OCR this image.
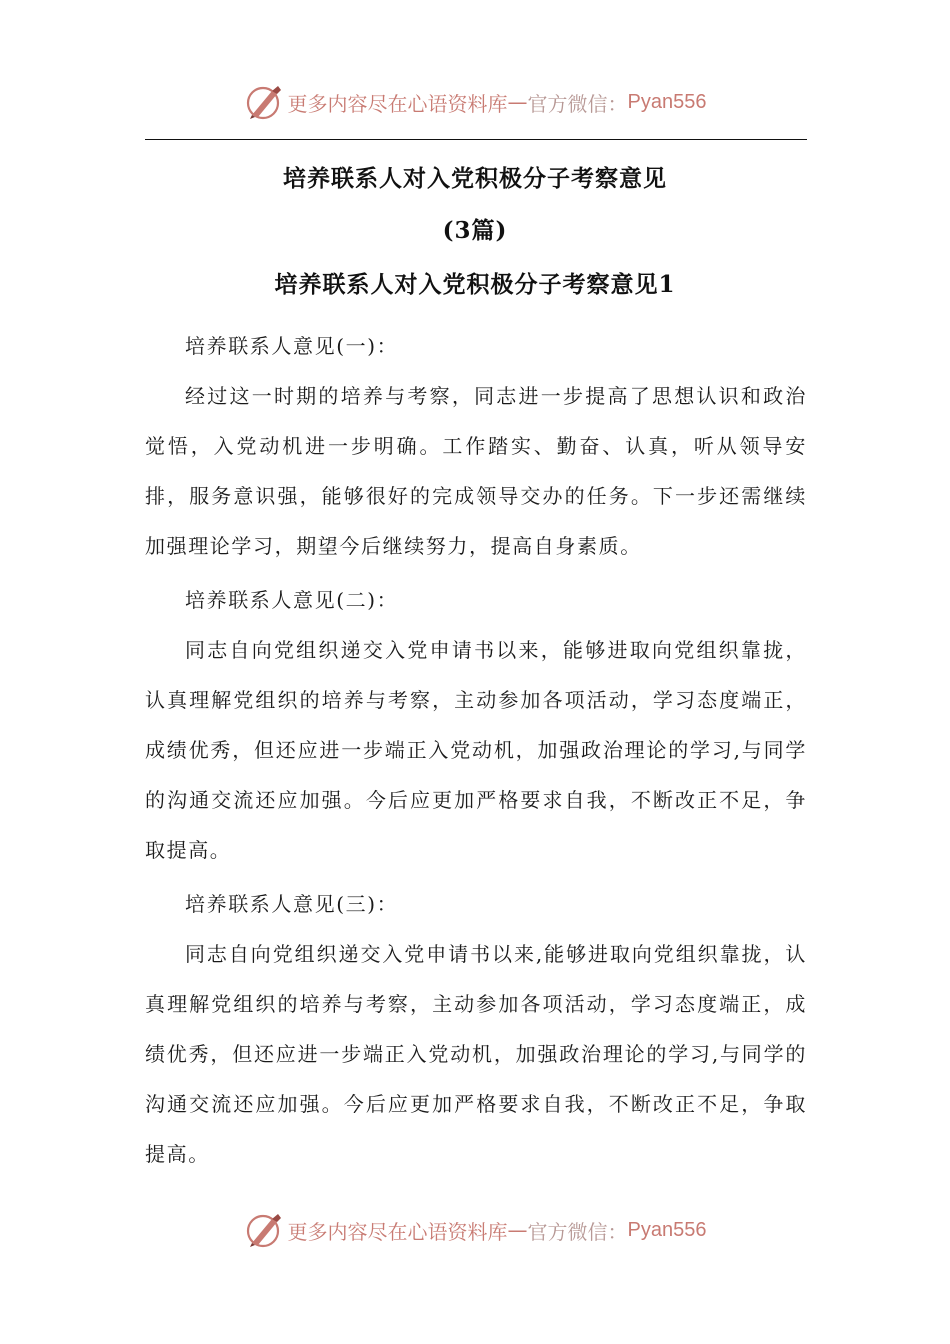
更多内容尽在心语资料库 — 官方微信： Pyan556
培养联系人对入党积极分子考察意见
(3篇)
培养联系人对入党积极分子考察意见1

培养联系人意见(一)：

经过这一时期的培养与考察，同志进一步提高了思想认识和政治觉悟，入党动机进一步明确。工作踏实、勤奋、认真，听从领导安排，服务意识强，能够很好的完成领导交办的任务。下一步还需继续加强理论学习，期望今后继续努力，提高自身素质。

培养联系人意见(二)：

同志自向党组织递交入党申请书以来，能够进取向党组织靠拢，认真理解党组织的培养与考察，主动参加各项活动，学习态度端正，成绩优秀，但还应进一步端正入党动机，加强政治理论的学习,与同学的沟通交流还应加强。今后应更加严格要求自我，不断改正不足，争取提高。

培养联系人意见(三)：

同志自向党组织递交入党申请书以来,能够进取向党组织靠拢，认真理解党组织的培养与考察，主动参加各项活动，学习态度端正，成绩优秀，但还应进一步端正入党动机，加强政治理论的学习,与同学的沟通交流还应加强。今后应更加严格要求自我，不断改正不足，争取提高。

更多内容尽在心语资料库 — 官方微信： Pyan556
